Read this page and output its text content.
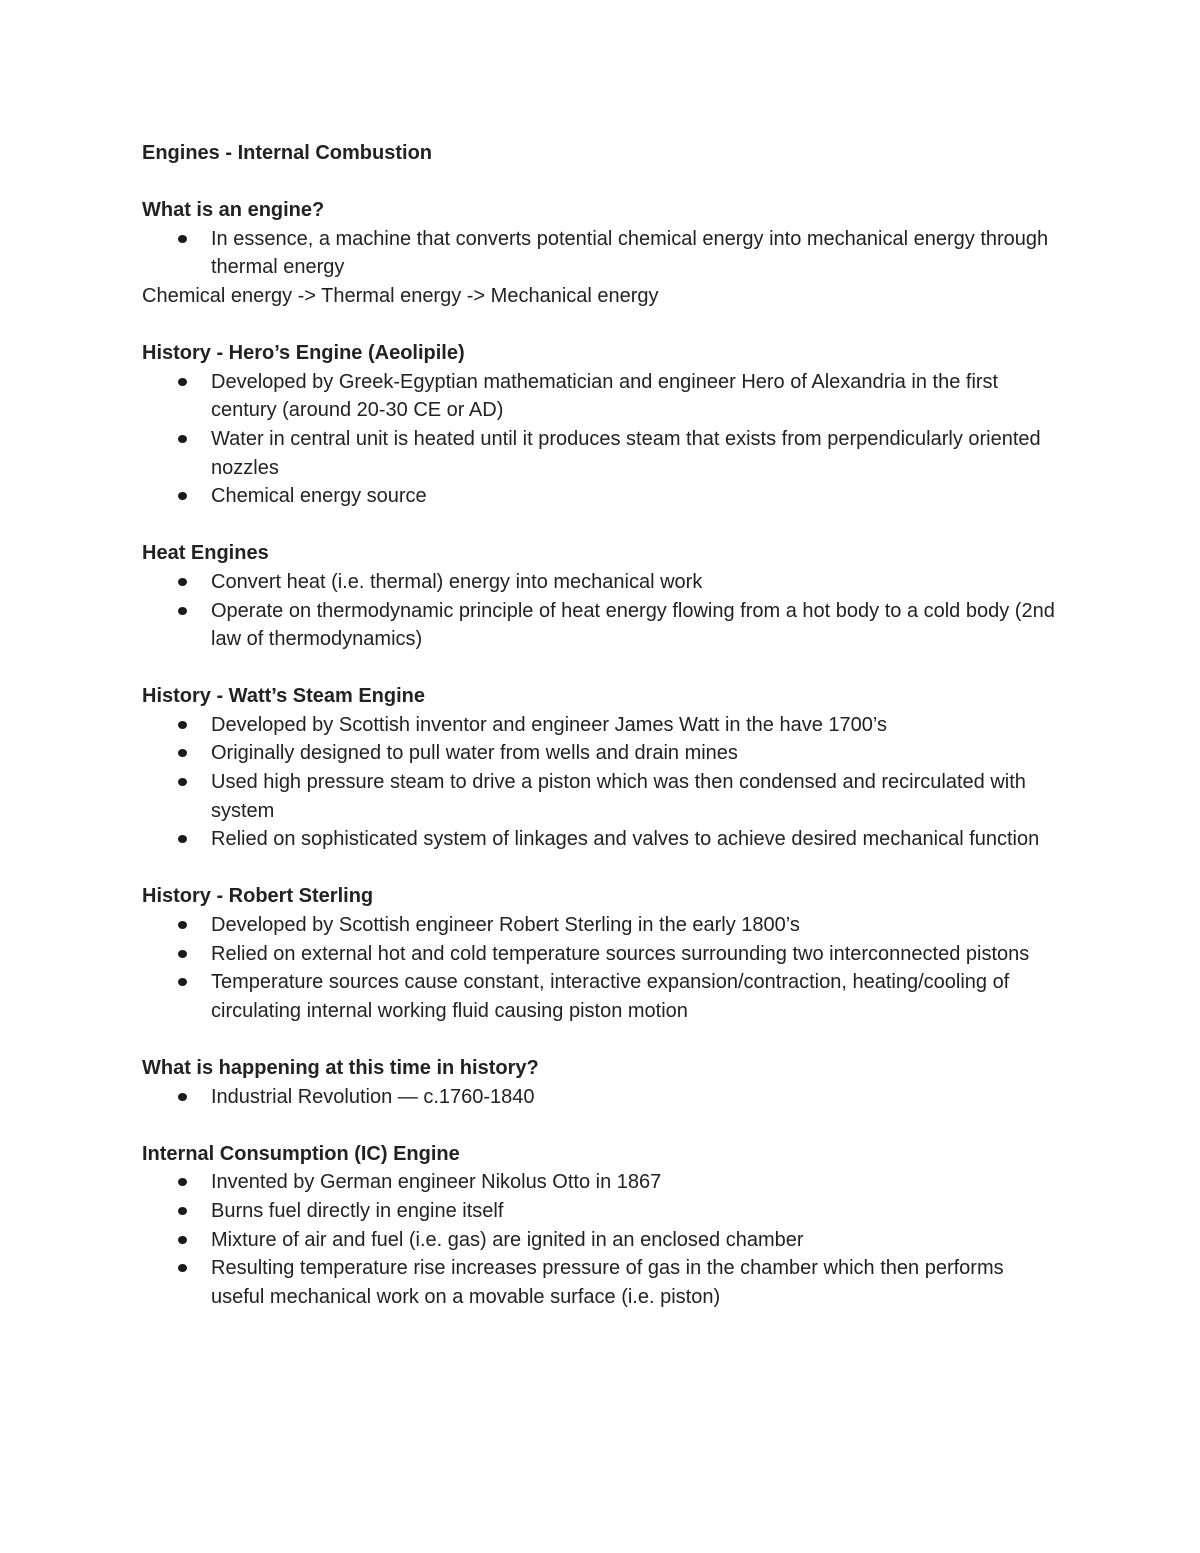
Engines - Internal Combustion

What is an engine?

In essence, a machine that converts potential chemical energy into mechanical energy through thermal energy

Chemical energy -> Thermal energy -> Mechanical energy

History - Hero’s Engine (Aeolipile)

Developed by Greek-Egyptian mathematician and engineer Hero of Alexandria in the first century (around 20-30 CE or AD)
Water in central unit is heated until it produces steam that exists from perpendicularly oriented nozzles
Chemical energy source

Heat Engines

Convert heat (i.e. thermal) energy into mechanical work
Operate on thermodynamic principle of heat energy flowing from a hot body to a cold body (2nd law of thermodynamics)

History - Watt’s Steam Engine

Developed by Scottish inventor and engineer James Watt in the have 1700’s
Originally designed to pull water from wells and drain mines
Used high pressure steam to drive a piston which was then condensed and recirculated with system
Relied on sophisticated system of linkages and valves to achieve desired mechanical function

History - Robert Sterling

Developed by Scottish engineer Robert Sterling in the early 1800’s
Relied on external hot and cold temperature sources surrounding two interconnected pistons
Temperature sources cause constant, interactive expansion/contraction, heating/cooling of circulating internal working fluid causing piston motion

What is happening at this time in history?

Industrial Revolution — c.1760-1840

Internal Consumption (IC) Engine

Invented by German engineer Nikolus Otto in 1867
Burns fuel directly in engine itself
Mixture of air and fuel (i.e. gas) are ignited in an enclosed chamber
Resulting temperature rise increases pressure of gas in the chamber which then performs useful mechanical work on a movable surface (i.e. piston)
